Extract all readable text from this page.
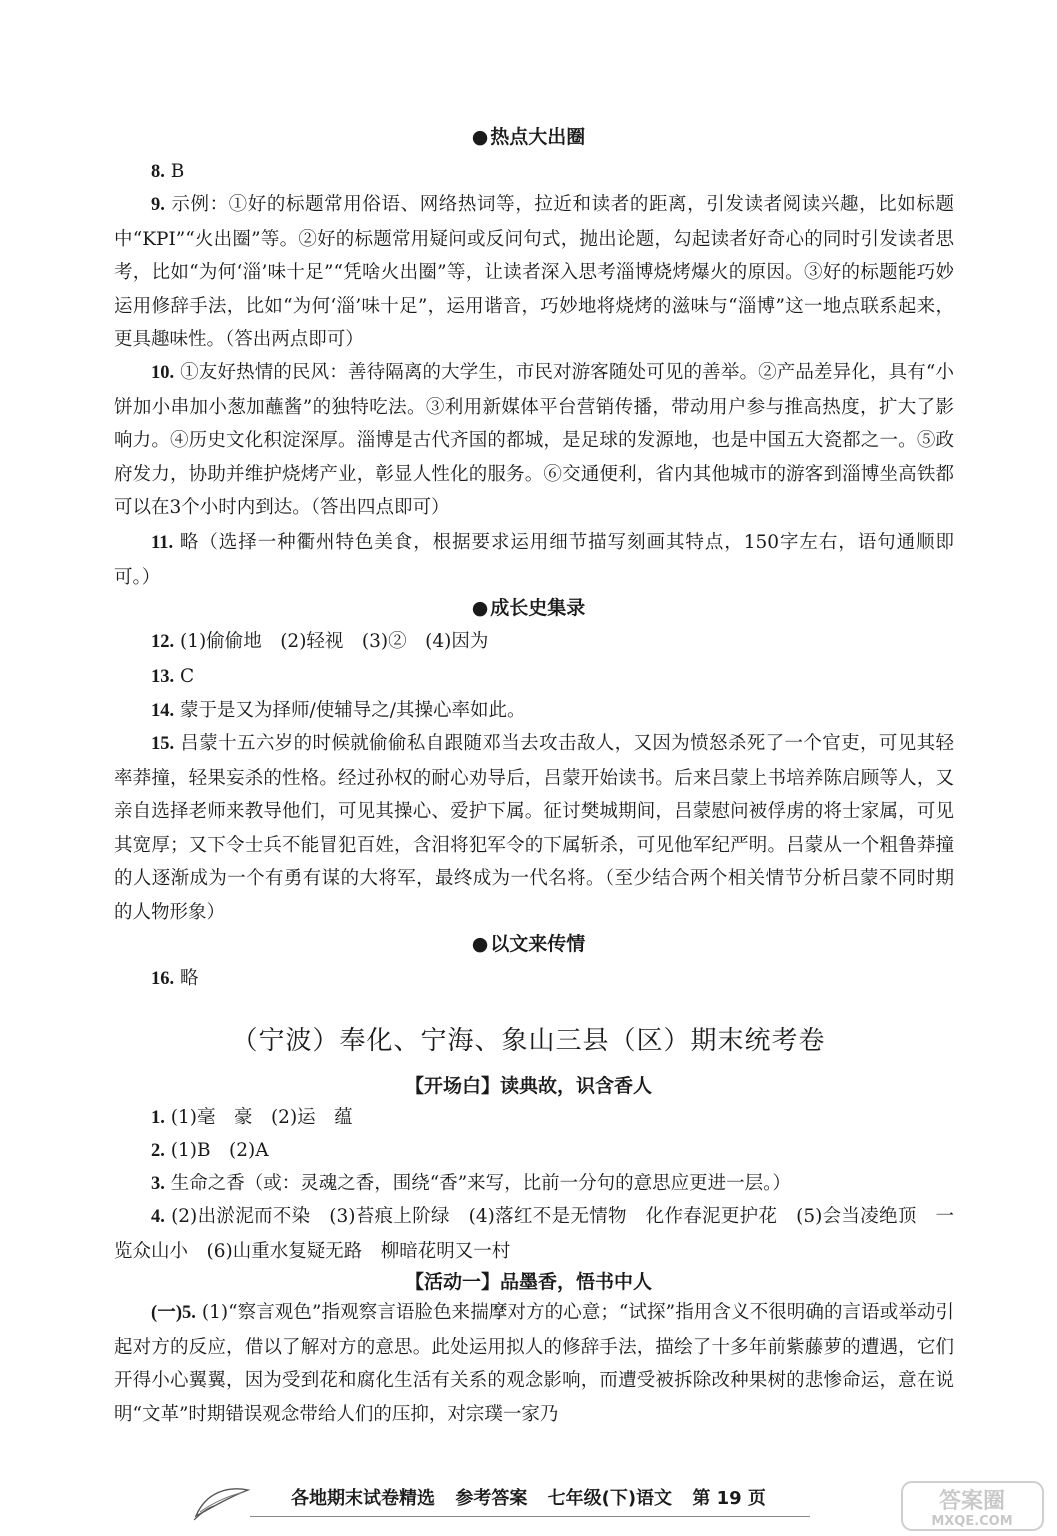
● 热点大出圈

8. B

9. 示例：①好的标题常用俗语、网络热词等，拉近和读者的距离，引发读者阅读兴趣，比如标题中“KPI”“火出圈”等。②好的标题常用疑问或反问句式，抛出论题，勾起读者好奇心的同时引发读者思考，比如“为何‘淄’味十足”“凭啥火出圈”等，让读者深入思考淄博烧烤爆火的原因。③好的标题能巧妙运用修辞手法，比如“为何‘淄’味十足”，运用谐音，巧妙地将烧烤的滋味与“淄博”这一地点联系起来，更具趣味性。（答出两点即可）

10. ①友好热情的民风：善待隔离的大学生，市民对游客随处可见的善举。②产品差异化，具有“小饼加小串加小葱加蘸酱”的独特吃法。③利用新媒体平台营销传播，带动用户参与推高热度，扩大了影响力。④历史文化积淀深厚。淄博是古代齐国的都城，是足球的发源地，也是中国五大瓷都之一。⑤政府发力，协助并维护烧烤产业，彰显人性化的服务。⑥交通便利，省内其他城市的游客到淄博坐高铁都可以在3个小时内到达。（答出四点即可）

11. 略（选择一种衢州特色美食，根据要求运用细节描写刻画其特点，150字左右，语句通顺即可。）

● 成长史集录

12. (1)偷偷地　(2)轻视　(3)②　(4)因为

13. C

14. 蒙于是又为择师/使辅导之/其操心率如此。

15. 吕蒙十五六岁的时候就偷偷私自跟随邓当去攻击敌人，又因为愤怒杀死了一个官吏，可见其轻率莽撞，轻果妄杀的性格。经过孙权的耐心劝导后，吕蒙开始读书。后来吕蒙上书培养陈启顾等人，又亲自选择老师来教导他们，可见其操心、爱护下属。征讨樊城期间，吕蒙慰问被俘虏的将士家属，可见其宽厚；又下令士兵不能冒犯百姓，含泪将犯军令的下属斩杀，可见他军纪严明。吕蒙从一个粗鲁莽撞的人逐渐成为一个有勇有谋的大将军，最终成为一代名将。（至少结合两个相关情节分析吕蒙不同时期的人物形象）

● 以文来传情

16. 略

（宁波）奉化、宁海、象山三县（区）期末统考卷
【开场白】读典故，识含香人

1. (1)毫　豪　(2)运　蕴

2. (1)B　(2)A

3. 生命之香（或：灵魂之香，围绕“香”来写，比前一分句的意思应更进一层。）

4. (2)出淤泥而不染　(3)苔痕上阶绿　(4)落红不是无情物　化作春泥更护花　(5)会当凌绝顶　一览众山小　(6)山重水复疑无路　柳暗花明又一村

【活动一】品墨香，悟书中人

(一)5. (1)“察言观色”指观察言语脸色来揣摩对方的心意；“试探”指用含义不很明确的言语或举动引起对方的反应，借以了解对方的意思。此处运用拟人的修辞手法，描绘了十多年前紫藤萝的遭遇，它们开得小心翼翼，因为受到花和腐化生活有关系的观念影响，而遭受被拆除改种果树的悲惨命运，意在说明“文革”时期错误观念带给人们的压抑，对宗璞一家乃

各地期末试卷精选 参考答案 七年级(下)语文 第 19 页	答案圈
MXQE.COM
